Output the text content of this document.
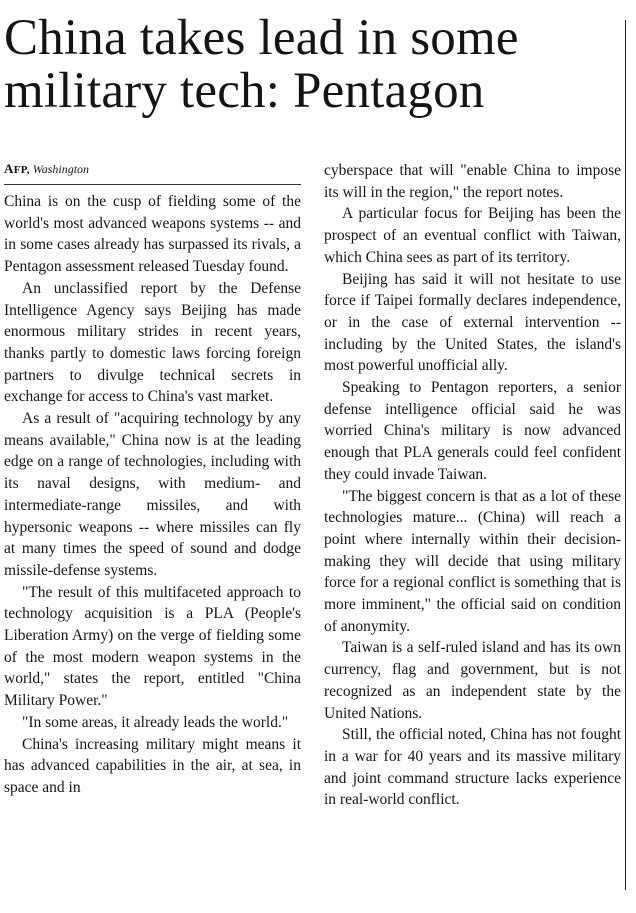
China takes lead in some
military tech: Pentagon
AFP, Washington

China is on the cusp of fielding some of the world's most advanced weapons systems -- and in some cases already has surpassed its rivals, a Pentagon assessment released Tuesday found.

An unclassified report by the Defense Intelligence Agency says Beijing has made enormous military strides in recent years, thanks partly to domestic laws forcing foreign partners to divulge technical secrets in exchange for access to China's vast market.

As a result of "acquiring technology by any means available," China now is at the leading edge on a range of technologies, including with its naval designs, with medium- and intermediate-range missiles, and with hypersonic weapons -- where missiles can fly at many times the speed of sound and dodge missile-defense systems.

"The result of this multifaceted approach to technology acquisition is a PLA (People's Liberation Army) on the verge of fielding some of the most modern weapon systems in the world," states the report, entitled "China Military Power."

"In some areas, it already leads the world."

China's increasing military might means it has advanced capabilities in the air, at sea, in space and in

cyberspace that will "enable China to impose its will in the region," the report notes.

A particular focus for Beijing has been the prospect of an eventual conflict with Taiwan, which China sees as part of its territory.

Beijing has said it will not hesitate to use force if Taipei formally declares independence, or in the case of external intervention -- including by the United States, the island's most powerful unofficial ally.

Speaking to Pentagon reporters, a senior defense intelligence official said he was worried China's military is now advanced enough that PLA generals could feel confident they could invade Taiwan.

"The biggest concern is that as a lot of these technologies mature... (China) will reach a point where internally within their decision-making they will decide that using military force for a regional conflict is something that is more imminent," the official said on condition of anonymity.

Taiwan is a self-ruled island and has its own currency, flag and government, but is not recognized as an independent state by the United Nations.

Still, the official noted, China has not fought in a war for 40 years and its massive military and joint command structure lacks experience in real-world conflict.
